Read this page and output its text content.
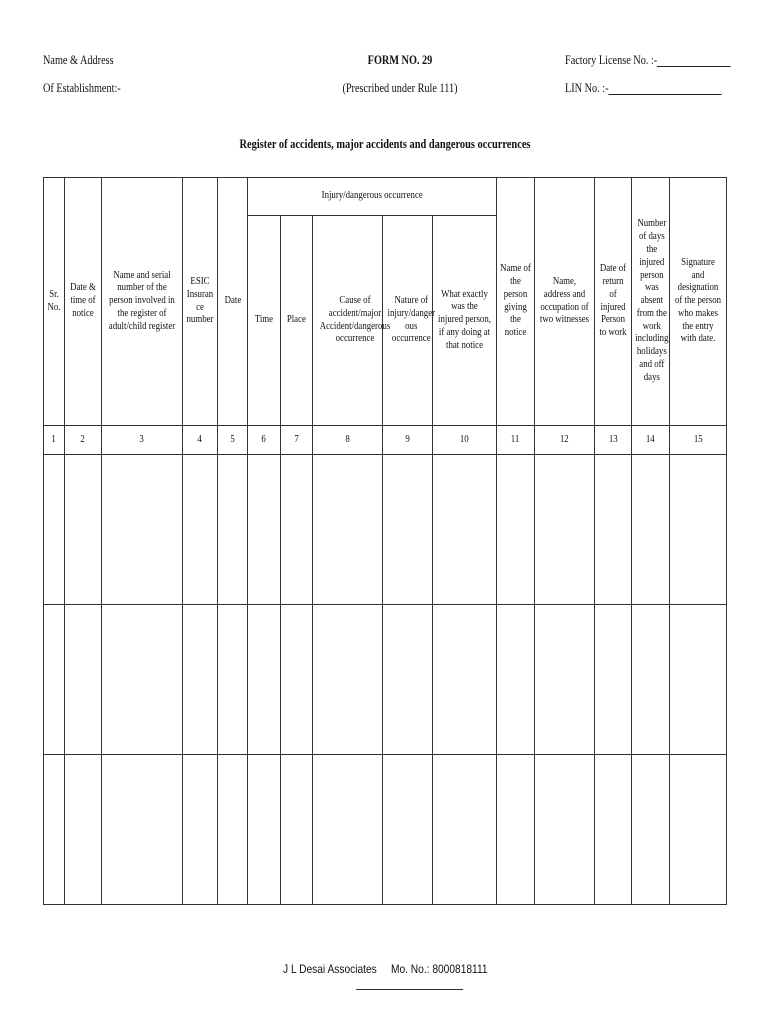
Name & Address
Of Establishment:-
FORM NO. 29
(Prescribed under Rule 111)
Factory License No. :-
LIN No. :-
Register of accidents, major accidents and dangerous occurrences
Sr. No.	Date & time of notice	Name and serial number of the person involved in the register of adult/child register	ESIC Insuran ce number	Date	Injury/dangerous occurrence					Name of the person giving the notice	Name, address and occupation of two witnesses	Date of return of injured Person to work	Number of days the injured person was absent from the work including holidays and off days	Signature and designation of the person who makes the entry with date.
					Time	Place	Cause of accident/major Accident/dangerous occurrence	Nature of injury/danger ous occurrence	What exactly was the injured person, if any doing at that notice					
1	2	3	4	5	6	7	8	9	10	11	12	13	14	15

J L Desai Associates     Mo. No.: 8000818111
